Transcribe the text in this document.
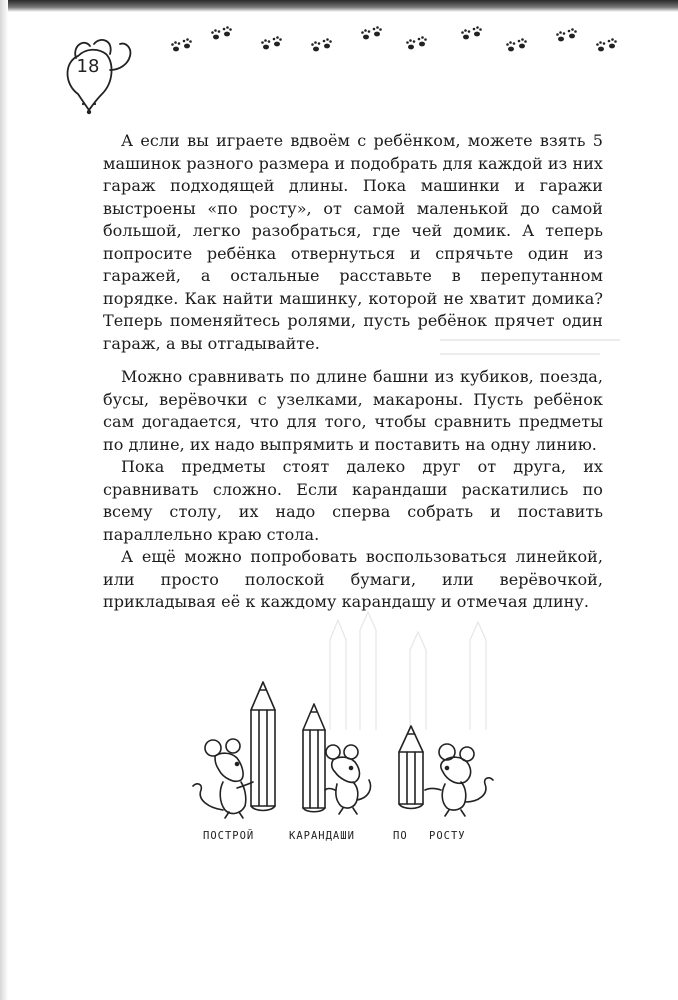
18

А если вы играете вдвоём с ребёнком, можете взять 5 машинок разного размера и подобрать для каждой из них гараж подходящей длины. Пока машинки и гаражи выстроены «по росту», от самой маленькой до самой большой, легко разобраться, где чей домик. А теперь попросите ребёнка отвернуться и спрячьте один из гаражей, а остальные расставьте в перепутанном порядке. Как найти машинку, которой не хватит домика? Теперь поменяйтесь ролями, пусть ребёнок прячет один гараж, а вы отгадывайте.

Можно сравнивать по длине башни из кубиков, поезда, бусы, верёвочки с узелками, макароны. Пусть ребёнок сам догадается, что для того, чтобы сравнить предметы по длине, их надо выпрямить и поставить на одну линию.

Пока предметы стоят далеко друг от друга, их сравнивать сложно. Если карандаши раскатились по всему столу, их надо сперва собрать и поставить параллельно краю стола.

А ещё можно попробовать воспользоваться линейкой, или просто полоской бумаги, или верёвочкой, прикладывая её к каждому карандашу и отмечая длину.

ПОСТРОЙ	КАРАНДАШИ	ПО РОСТУ
